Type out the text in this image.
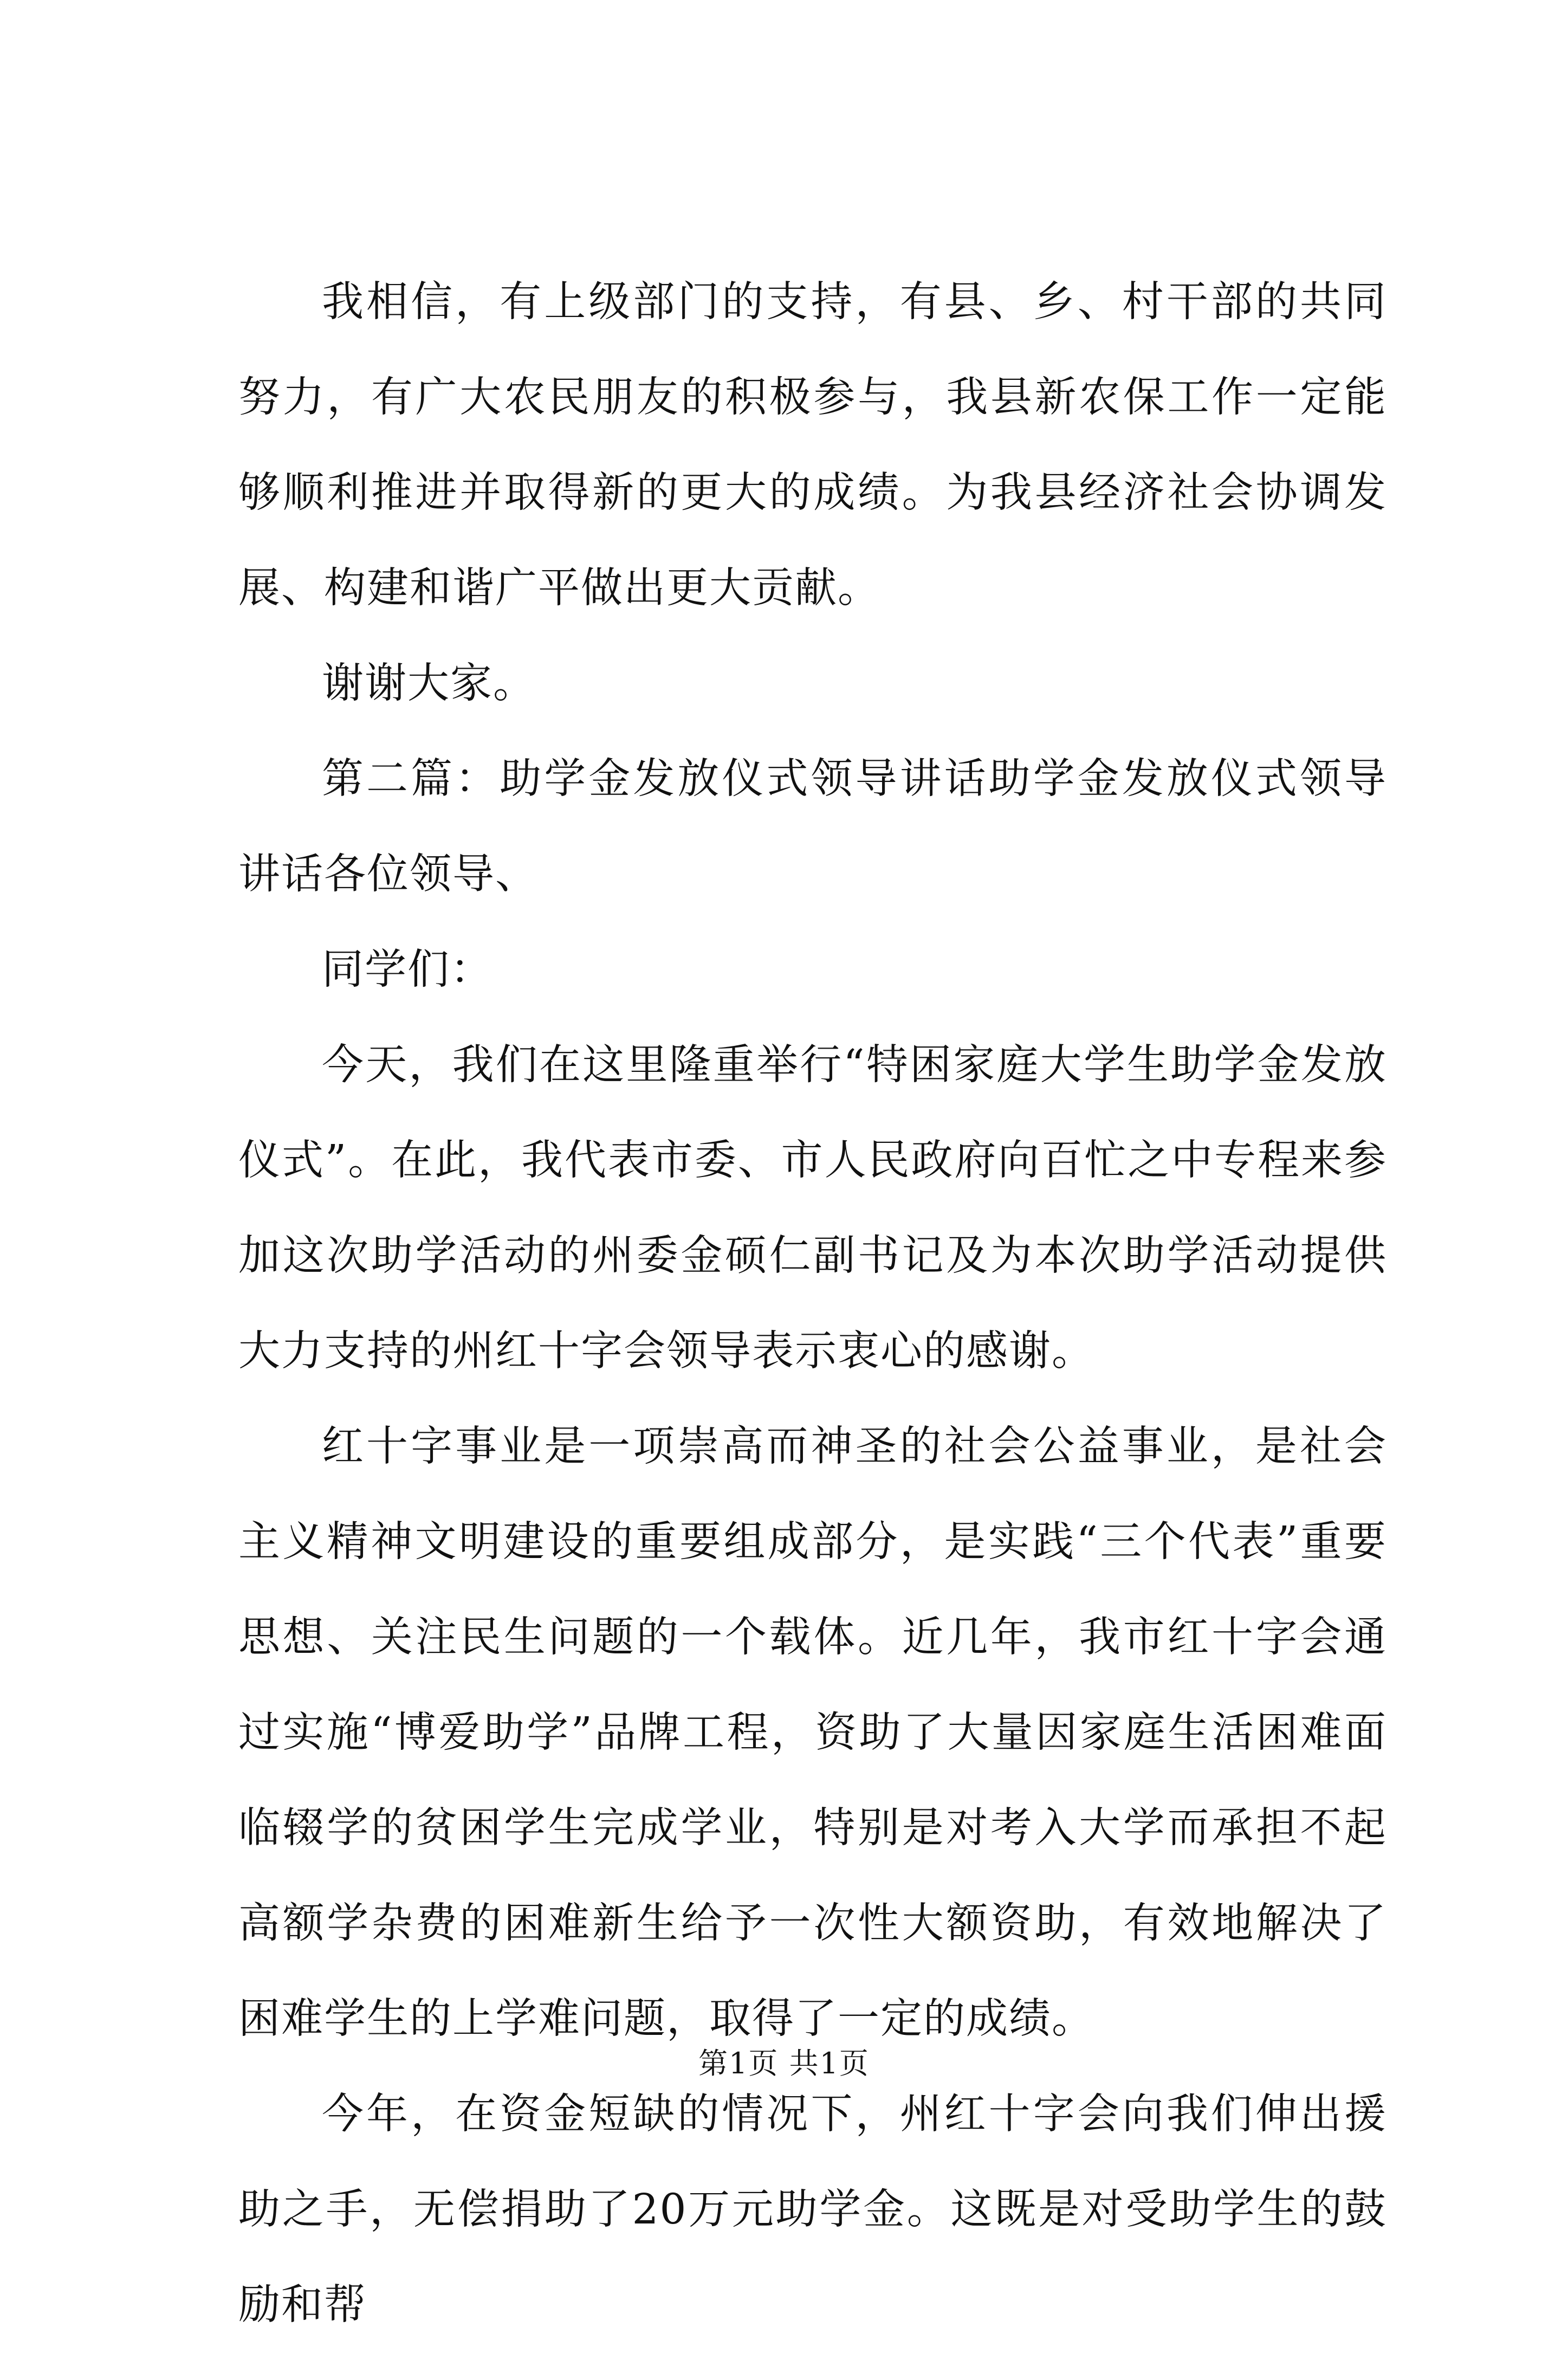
我相信，有上级部门的支持，有县、乡、村干部的共同努力，有广大农民朋友的积极参与，我县新农保工作一定能够顺利推进并取得新的更大的成绩。为我县经济社会协调发展、构建和谐广平做出更大贡献。

谢谢大家。

第二篇：助学金发放仪式领导讲话助学金发放仪式领导讲话各位领导、

同学们：

今天，我们在这里隆重举行“特困家庭大学生助学金发放仪式”。在此，我代表市委、市人民政府向百忙之中专程来参加这次助学活动的州委金硕仁副书记及为本次助学活动提供大力支持的州红十字会领导表示衷心的感谢。

红十字事业是一项崇高而神圣的社会公益事业，是社会主义精神文明建设的重要组成部分，是实践“三个代表”重要思想、关注民生问题的一个载体。近几年，我市红十字会通过实施“博爱助学”品牌工程，资助了大量因家庭生活困难面临辍学的贫困学生完成学业，特别是对考入大学而承担不起高额学杂费的困难新生给予一次性大额资助，有效地解决了困难学生的上学难问题，取得了一定的成绩。

今年，在资金短缺的情况下，州红十字会向我们伸出援助之手，无偿捐助了20万元助学金。这既是对受助学生的鼓励和帮

第1页 共1页
